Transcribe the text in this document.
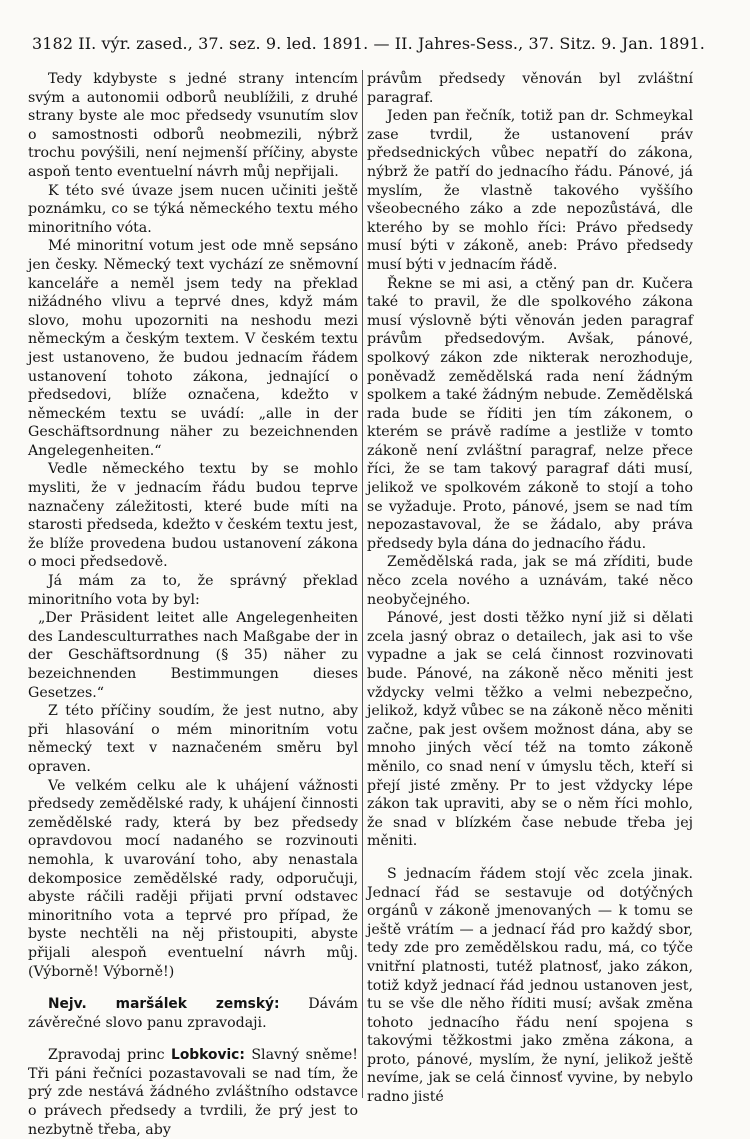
3182 II. výr. zased., 37. sez. 9. led. 1891. — II. Jahres-Sess., 37. Sitz. 9. Jan. 1891.

Tedy kdybyste s jedné strany intencím svým a autonomii odborů neublížili, z druhé strany byste ale moc předsedy vsunutím slov o samostnosti odborů neobmezili, nýbrž trochu povýšili, není nejmenší příčiny, abyste aspoň tento eventuelní návrh můj nepřijali.

K této své úvaze jsem nucen učiniti ještě poznámku, co se týká německého textu mého minoritního vóta.

Mé minoritní votum jest ode mně sepsáno jen česky. Německý text vychází ze sněmovní kanceláře a neměl jsem tedy na překlad nižádného vlivu a teprvé dnes, když mám slovo, mohu upozorniti na neshodu mezi německým a českým textem. V českém textu jest ustanoveno, že budou jednacím řádem ustanovení tohoto zákona, jednající o předsedovi, blíže označena, kdežto v německém textu se uvádí: „alle in der Geschäftsordnung näher zu bezeichnenden Angelegenheiten.“

Vedle německého textu by se mohlo mysliti, že v jednacím řádu budou teprve naznačeny záležitosti, které bude míti na starosti předseda, kdežto v českém textu jest, že blíže provedena budou ustanovení zákona o moci předsedově.

Já mám za to, že správný překlad minoritního vota by byl:

„Der Präsident leitet alle Angelegenheiten des Landesculturrathes nach Maßgabe der in der Geschäftsordnung (§ 35) näher zu bezeichnenden Bestimmungen dieses Gesetzes.“

Z této příčiny soudím, že jest nutno, aby při hlasování o mém minoritním votu německý text v naznačeném směru byl opraven.

Ve velkém celku ale k uhájení vážnosti předsedy zemědělské rady, k uhájení činnosti zemědělské rady, která by bez předsedy opravdovou mocí nadaného se rozvinouti nemohla, k uvarování toho, aby nenastala dekomposice zemědělské rady, odporučuji, abyste ráčili raději přijati první odstavec minoritního vota a teprvé pro případ, že byste nechtěli na něj přistoupiti, abyste přijali alespoň eventuelní návrh můj. (Výborně! Výborně!)

Nejv. maršálek zemský: Dávám závěrečné slovo panu zpravodaji.

Zpravodaj princ Lobkovic: Slavný sněme! Tři páni řečníci pozastavovali se nad tím, že prý zde nestává žádného zvláštního odstavce o právech předsedy a tvrdili, že prý jest to nezbytně třeba, aby

právům předsedy věnován byl zvláštní paragraf.

Jeden pan řečník, totiž pan dr. Schmeykal zase tvrdil, že ustanovení práv předsednických vůbec nepatří do zákona, nýbrž že patří do jednacího řádu. Pánové, já myslím, že vlastně takového vyššího všeobecného záko a zde nepozůstává, dle kterého by se mohlo říci: Právo předsedy musí býti v zákoně, aneb: Právo předsedy musí býti v jednacím řádě.

Řekne se mi asi, a ctěný pan dr. Kučera také to pravil, že dle spolkového zákona musí výslovně býti věnován jeden paragraf právům předsedovým. Avšak, pánové, spolkový zákon zde nikterak nerozhoduje, poněvadž zemědělská rada není žádným spolkem a také žádným nebude. Zemědělská rada bude se říditi jen tím zákonem, o kterém se právě radíme a jestliže v tomto zákoně není zvláštní paragraf, nelze přece říci, že se tam takový paragraf dáti musí, jelikož ve spolkovém zákoně to stojí a toho se vyžaduje. Proto, pánové, jsem se nad tím nepozastavoval, že se žádalo, aby práva předsedy byla dána do jednacího řádu.

Zemědělská rada, jak se má zříditi, bude něco zcela nového a uznávám, také něco neobyčejného.

Pánové, jest dosti těžko nyní již si dělati zcela jasný obraz o detailech, jak asi to vše vypadne a jak se celá činnost rozvinovati bude. Pánové, na zákoně něco měniti jest vždycky velmi těžko a velmi nebezpečno, jelikož, když vůbec se na zákoně něco měniti začne, pak jest ovšem možnost dána, aby se mnoho jiných věcí též na tomto zákoně měnilo, co snad není v úmyslu těch, kteří si přejí jisté změny. Pr to jest vždycky lépe zákon tak upraviti, aby se o něm říci mohlo, že snad v blízkém čase nebude třeba jej měniti.

S jednacím řádem stojí věc zcela jinak. Jednací řád se sestavuje od dotýčných orgánů v zákoně jmenovaných — k tomu se ještě vrátím — a jednací řád pro každý sbor, tedy zde pro zemědělskou radu, má, co týče vnitřní platnosti, tutéž platnosť, jako zákon, totiž když jednací řád jednou ustanoven jest, tu se vše dle něho říditi musí; avšak změna tohoto jednacího řádu není spojena s takovými těžkostmi jako změna zákona, a proto, pánové, myslím, že nyní, jelikož ještě nevíme, jak se celá činnosť vyvine, by nebylo radno jisté
